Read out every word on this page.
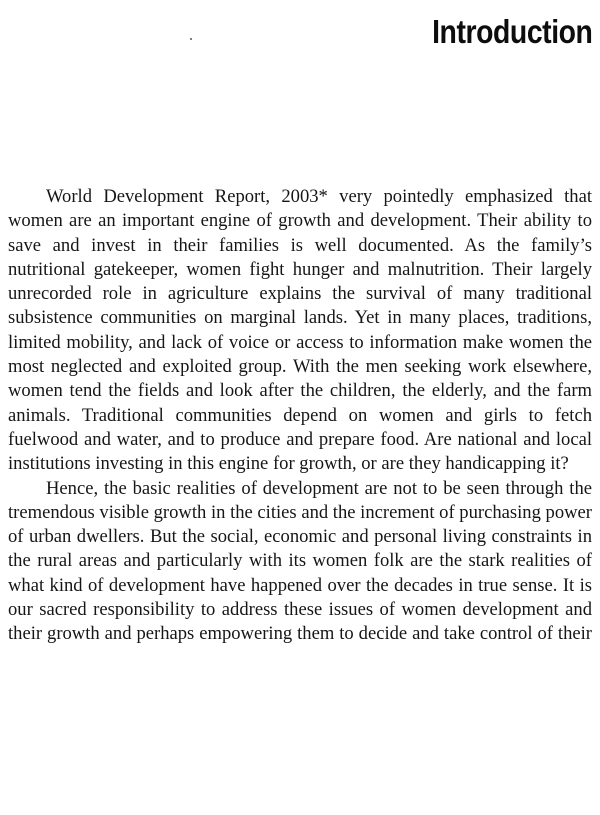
Introduction

World Development Report, 2003* very pointedly emphasized that women are an important engine of growth and development. Their ability to save and invest in their families is well documented. As the family’s nutritional gatekeeper, women fight hunger and malnutrition. Their largely unrecorded role in agriculture explains the survival of many traditional subsistence communities on marginal lands. Yet in many places, traditions, limited mobility, and lack of voice or access to information make women the most neglected and exploited group. With the men seeking work elsewhere, women tend the fields and look after the children, the elderly, and the farm animals. Traditional communities depend on women and girls to fetch fuelwood and water, and to produce and prepare food. Are national and local institutions investing in this engine for growth, or are they handicapping it?

Hence, the basic realities of development are not to be seen through the tremendous visible growth in the cities and the increment of purchasing power of urban dwellers. But the social, economic and personal living constraints in the rural areas and particularly with its women folk are the stark realities of what kind of development have happened over the decades in true sense. It is our sacred responsibility to address these issues of women development and their growth and perhaps empowering them to decide and take control of their
